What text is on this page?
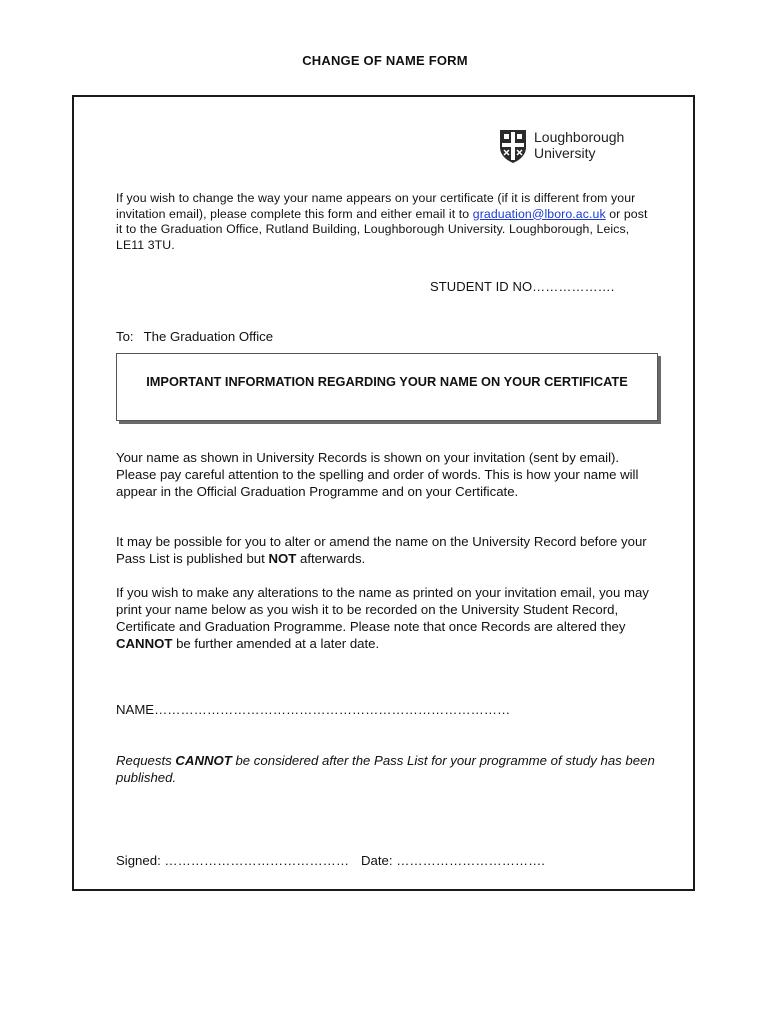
CHANGE OF NAME FORM
Loughborough
University
If you wish to change the way your name appears on your certificate (if it is different from your invitation email), please complete this form and either email it to graduation@lboro.ac.uk or post it to the Graduation Office, Rutland Building, Loughborough University. Loughborough, Leics, LE11 3TU.
STUDENT ID NO……………….
To: The Graduation Office
IMPORTANT INFORMATION REGARDING YOUR NAME ON YOUR CERTIFICATE
Your name as shown in University Records is shown on your invitation (sent by email). Please pay careful attention to the spelling and order of words. This is how your name will appear in the Official Graduation Programme and on your Certificate.
It may be possible for you to alter or amend the name on the University Record before your Pass List is published but NOT afterwards.
If you wish to make any alterations to the name as printed on your invitation email, you may print your name below as you wish it to be recorded on the University Student Record, Certificate and Graduation Programme. Please note that once Records are altered they CANNOT be further amended at a later date.
NAME………………………………………………………………………
Requests CANNOT be considered after the Pass List for your programme of study has been published.
Signed: …………………………………… Date: …………………………….
